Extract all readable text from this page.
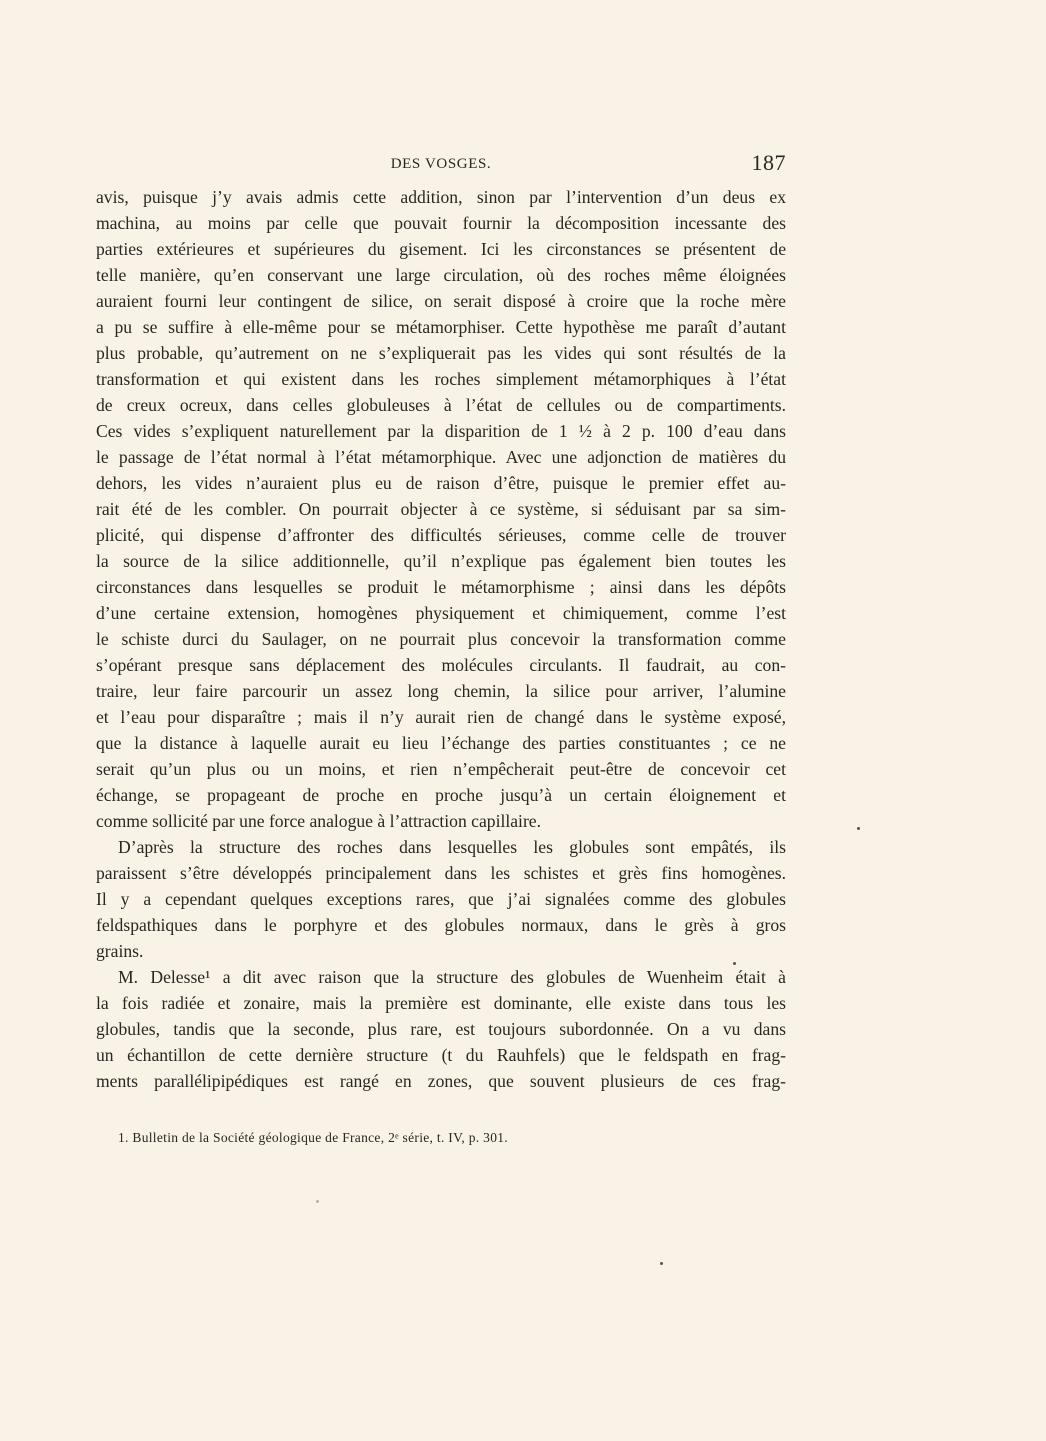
DES VOSGES.	187
avis, puisque j’y avais admis cette addition, sinon par l’intervention d’un deus ex
machina, au moins par celle que pouvait fournir la décomposition incessante des
parties extérieures et supérieures du gisement. Ici les circonstances se présentent de
telle manière, qu’en conservant une large circulation, où des roches même éloignées
auraient fourni leur contingent de silice, on serait disposé à croire que la roche mère
a pu se suffire à elle-même pour se métamorphiser. Cette hypothèse me paraît d’autant
plus probable, qu’autrement on ne s’expliquerait pas les vides qui sont résultés de la
transformation et qui existent dans les roches simplement métamorphiques à l’état
de creux ocreux, dans celles globuleuses à l’état de cellules ou de compartiments.
Ces vides s’expliquent naturellement par la disparition de 1 ½ à 2 p. 100 d’eau dans
le passage de l’état normal à l’état métamorphique. Avec une adjonction de matières du
dehors, les vides n’auraient plus eu de raison d’être, puisque le premier effet au-
rait été de les combler. On pourrait objecter à ce système, si séduisant par sa sim-
plicité, qui dispense d’affronter des difficultés sérieuses, comme celle de trouver
la source de la silice additionnelle, qu’il n’explique pas également bien toutes les
circonstances dans lesquelles se produit le métamorphisme ; ainsi dans les dépôts
d’une certaine extension, homogènes physiquement et chimiquement, comme l’est
le schiste durci du Saulager, on ne pourrait plus concevoir la transformation comme
s’opérant presque sans déplacement des molécules circulants. Il faudrait, au con-
traire, leur faire parcourir un assez long chemin, la silice pour arriver, l’alumine
et l’eau pour disparaître ; mais il n’y aurait rien de changé dans le système exposé,
que la distance à laquelle aurait eu lieu l’échange des parties constituantes ; ce ne
serait qu’un plus ou un moins, et rien n’empêcherait peut-être de concevoir cet
échange, se propageant de proche en proche jusqu’à un certain éloignement et
comme sollicité par une force analogue à l’attraction capillaire.
D’après la structure des roches dans lesquelles les globules sont empâtés, ils
paraissent s’être développés principalement dans les schistes et grès fins homogènes.
Il y a cependant quelques exceptions rares, que j’ai signalées comme des globules
feldspathiques dans le porphyre et des globules normaux, dans le grès à gros
grains.
M. Delesse¹ a dit avec raison que la structure des globules de Wuenheim était à
la fois radiée et zonaire, mais la première est dominante, elle existe dans tous les
globules, tandis que la seconde, plus rare, est toujours subordonnée. On a vu dans
un échantillon de cette dernière structure (t du Rauhfels) que le feldspath en frag-
ments parallélipipédiques est rangé en zones, que souvent plusieurs de ces frag-
1. Bulletin de la Société géologique de France, 2ᵉ série, t. IV, p. 301.
